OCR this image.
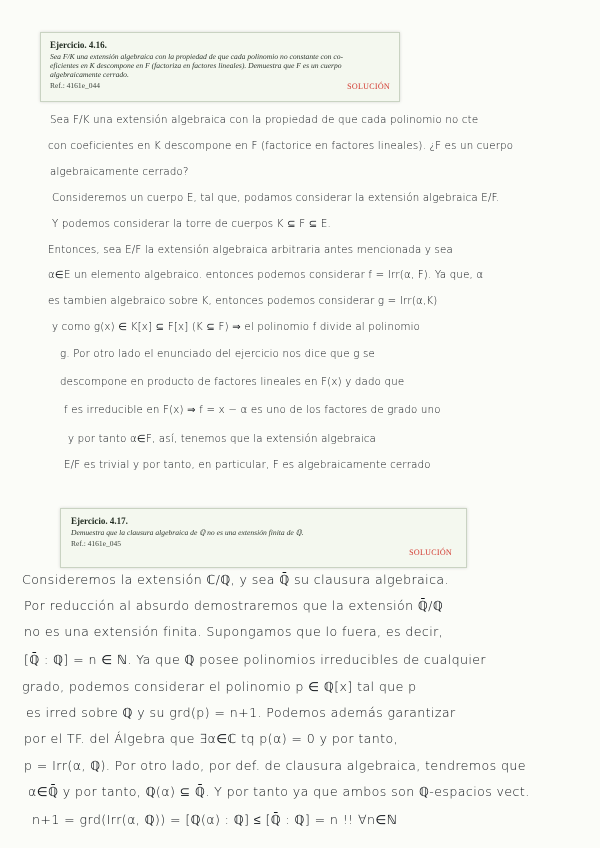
Ejercicio. 4.16.
Sea F/K una extensión algebraica con la propiedad de que cada polinomio no constante con co-
eficientes en K descompone en F (factoriza en factores lineales). Demuestra que F es un cuerpo
algebraicamente cerrado.
Ref.: 4161e_044	SOLUCIÓN

Sea F/K una extensión algebraica con la propiedad de que cada polinomio no cte

con coeficientes en K descompone en F (factorice en factores lineales). ¿F es un cuerpo

algebraicamente cerrado?

Consideremos un cuerpo E, tal que, podamos considerar la extensión algebraica E/F.

Y podemos considerar la torre de cuerpos K ⊆ F ⊆ E.

Entonces, sea E/F la extensión algebraica arbitraria antes mencionada y sea

α∈E un elemento algebraico. entonces podemos considerar f = Irr(α, F). Ya que, α

es tambien algebraico sobre K, entonces podemos considerar g = Irr(α,K)

y como g(x) ∈ K[x] ⊆ F[x] (K ⊆ F) ⇒ el polinomio f divide al polinomio

g. Por otro lado el enunciado del ejercicio nos dice que g se

descompone en producto de factores lineales en F(x) y dado que

f es irreducible en F(x) ⇒ f = x − α es uno de los factores de grado uno

y por tanto α∈F, así, tenemos que la extensión algebraica

E/F es trivial y por tanto, en particular, F es algebraicamente cerrado

Ejercicio. 4.17.
Demuestra que la clausura algebraica de ℚ no es una extensión finita de ℚ.
Ref.: 4161e_045
SOLUCIÓN

Consideremos la extensión ℂ/ℚ, y sea ℚ̄ su clausura algebraica.

Por reducción al absurdo demostraremos que la extensión ℚ̄/ℚ

no es una extensión finita. Supongamos que lo fuera, es decir,

[ℚ̄ : ℚ] = n ∈ ℕ. Ya que ℚ posee polinomios irreducibles de cualquier

grado, podemos considerar el polinomio p ∈ ℚ[x] tal que p

es irred sobre ℚ y su grd(p) = n+1. Podemos además garantizar

por el TF. del Álgebra que ∃α∈ℂ tq p(α) = 0 y por tanto,

p = Irr(α, ℚ). Por otro lado, por def. de clausura algebraica, tendremos que

α∈ℚ̄ y por tanto, ℚ(α) ⊆ ℚ̄. Y por tanto ya que ambos son ℚ-espacios vect.

n+1 = grd(Irr(α, ℚ)) = [ℚ(α) : ℚ] ≤ [ℚ̄ : ℚ] = n !! ∀n∈ℕ
